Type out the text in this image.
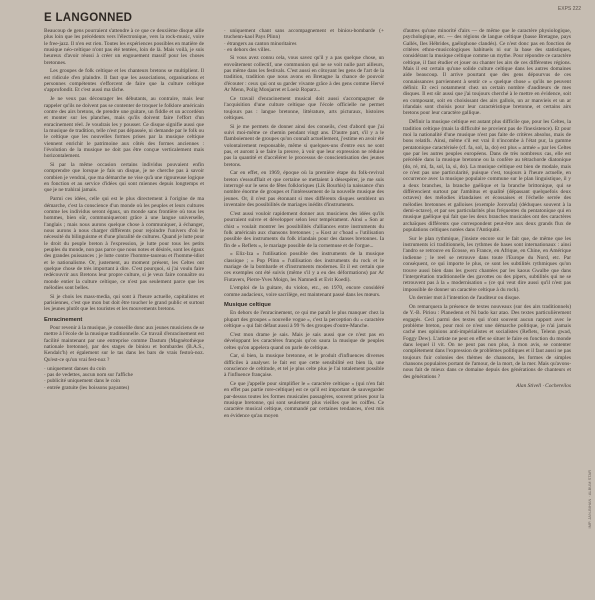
EXPS 222
E LANGONNED

Beaucoup de gens pourraient s'attendre à ce que ce deuxième disque aille plus loin que les précédents vers l'électronique, vers la rock-music, voire le free-jazz. Il n'en est rien. Toutes les expériences possibles en matière de musique néo-celtique n'ont pas été tentées, loin de là. Mais voilà, je suis heureux d'avoir réussi à créer un engouement massif pour les choses bretonnes.

Les groupes de folk celtique et les chanteurs bretons se multiplient. Il est ridicule d'en plaindre. Il faut que les associations, organisations et personnes compétentes s'efforcent de faire que la culture celtique s'approfondit. Et c'est aussi ma tâche.

Je ne veux pas décourager les débutants, au contraire, mais leur rappeler qu'ils ne doivent pas se contenter de troquer le folklore américain contre des airs bretons, de prendre une guitare, un fiddle et un accordéon et monter sur les planches, mais qu'ils doivent faire l'effort d'un enracinement réel. Je voudrais les y pousser. Ce disque signifie aussi que la musique de tradition, telle n'est pas dépassée, ni demande par le folk ou le celtique que les nouvelles formes prises par la musique celtique viennent enrichir le patrimoine aux côtés des formes anciennes : l'évolution de la musique ne doit pas être conçue verticalement mais horizontalement.

Si par la même occasion certains individus pouvaient enfin comprendre que lorsque je fais un disque, je ne cherche pas à savoir combien je vendrai, que ma démarche ne vise qu'à une rigoureuse logique en fonction et au service d'idées qui sont miennes depuis longtemps et que je ne trahirai jamais.

Parmi ces idées, celle qui est le plus directement à l'origine de ma démarche, c'est la conscience d'un monde où les peuples et leurs cultures comme les individus seront égaux, un monde sans frontière où tous les hommes, bien sûr, communiqueront grâce à une langue universelle, l'anglais ; mais nous aurons quelque chose à communiquer, à échanger, nous aurons à nous charger différents pour rejoindre l'univers d'où le nécessité du bilinguisme et d'une pluralité de cultures. Quand je lutte pour le droit du peuple breton à l'expression, je lutte pour tous les petits peuples du monde, non pas parce que nous notes et désirés, sont les égaux des grandes puissances ; je lutte contre l'homme-taureau et l'homme-idiot et le nationalisme. Or, justement, au moment présent, les Celtes ont quelque chose de très important à dire. C'est pourquoi, si j'ai voulu faire redécouvrir aux Bretons leur propre culture, si je veux faire connaître ou monde entier la culture celtique, ce n'est pas seulement parce que les mélodies sont belles.

Si je chois les mass-media, qui sont à l'heure actuelle, capitalistes et parisiennes, c'est que mon but doit être toucher le grand public et surtout les jeunes plutôt que les touristes et les mouvements bretons.

Enracinement

Pour revenir à la musique, je conseille donc aux jeunes musiciens de se mettre à l'école de la musique traditionnelle. Ce travail d'enracinement est facilité maintenant par une entreprise comme Dastum (Magnétothèque nationale bretonne), par des stages de biniou et bombardes (B.A.S., Kendalc'h) et également sur le tas dans les bars de vrais festoù-noz. Qu'est-ce qu'un vrai fest-noz ?

· uniquement danses du coin
· pas de vedettes, aucun nom sur l'affiche
· publicité uniquement dans le coin
· entrée gratuite (les boissons payantes)
· uniquement chant sans accompagnement et biniou-bombarde (+ truchenn-kaol Pays Plinn)
· étrangers au canton minoritaires
· en dehors des villes.

Si vous avez connu cela, vous savez qu'il y a pas quelque chose, un envoûtement collectif, une communion qui ne se voit nulle part ailleurs, pas même dans les festivals. C'est aussi en côtoyant les gens de l'art de la tradition, tradition que nous avons en Bretagne la chance de pouvoir d'écouter : ceux qui ont su garder vivante grâce à des gens comme Hervé Ar Menn, Polig Monjarret et Loeiz Roparz...

Ce travail d'enracinement musical doit aussi s'accompagner de l'acquisition d'une culture celtique que l'école officielle ne permet toujours pas : langue bretonne, littérature, arts picturaux, histoires celtiques.

Si je me permets de donner ainsi des conseils, c'est d'abord que j'ai suivi moi-même ce chemin pendant vingt ans. D'autre part, s'il y a le flamboiement de groupes qu'on connaît actuellement, j'estime en avoir été volontairement responsable, même si quelques-uns d'entre eux ne sont pas, et auront à se faire la preuve, à voir que leur expression ne réduise pas la quantité et d'accélérer le processus de conscientisation des jeunes bretons.

Car en effet, en 1969, époque où la première étape du folk-revival breton s'essoufflait et que certaine se mettaient à désespérer, je me suis interrogé sur le sens de fêtes folkloriques (Lik Bourhis) la naissance d'un nombre énorme de groupes et l'intéressement de la nouvelle musique des jeunes. Or, il n'est pas étonnant si mes différents disques semblent un inventaire des possibilités de mariages inédits d'instruments.

C'est aussi vouloir rapidement donner aux musiciens des idées qu'ils pourraient suivre et développer selon leur tempérament. Ainsi « Son ar chist » voulait montrer les possibilités d'alliances entre instruments du folk américain aux chansons bretonnes ; « Kost ar c'hoad » l'utilisation possible des instruments du folk irlandais pour des danses bretonnes. Ia fin de « Reflets », le mariage possible de la cornemuse et de l'orgue...

« Eliz-Iza » l'utilisation possible des instruments de la musique classique ; « Pop Plinn » l'utilisation des instruments du rock et le mariage de la bombarde et d'instruments modernes. Et il est certain que ces exemples ont été suivis (même s'il y a eu des déformations) par Ar Fiutavers, Pierre-Yves Moign, les Namnedi et Evit Koedi).

L'emploi de la guitare, du violon, etc., en 1970, encore considéré comme audacieux, voire sacrilège, est maintenant passé dans les mœurs.

Musique celtique

En dehors de l'enracinement, ce qui me paraît le plus manquer chez la plupart des groupes « nouvelle vogue », c'est la perception du « caractère celtique » qui fait défaut aussi à 99 % des groupes d'outre-Manche.

C'est mon drame je sais. Mais je sais aussi que ce n'est pas en développant les caractères français qu'on saura la musique de peuples celtes qu'on appelera quand on parle de celtique.

Car, si bien, la musique bretonne, et le produit d'influences diverses difficiles à analyser. le fait est que cette sensibilité est bien là, une conscience de celtitude, et tel je plus celte plus je l'ai totalement possible à l'influence française.

Ce que j'appelle pour simplifier le « caractère celtique » (qui n'en fait en effet pas partie rore-celtique) est ce qu'il est important de sauvegarder par-dessus toutes les formes musicales passagères, souvent prises pour la musique bretonne, qui sont seulement plus vieilles que les coiffes. Ce caractère musical celtique, commandé par certaines tendances, n'est mis en évidence qu'au moyen

d'autres qu'une minorité d'airs — de même que le caractère physiologique, psychologique, etc. — des régions de langue celtique (basse Bretagne, pays Gallés, Iles Hébrides, gaélophone clandés). Ce n'est donc pas en fonction de critères ethno-musicologiques habituels ni sur la base des statistiques, considérant la musique celtique comme un mythe. Pour répondre ce caractère celtique, il faut étudier et jouer ou chanter les airs de ces différentes régions. Mais il est certain qu'une solide culture celtique dans les autres domaines aide beaucoup. Il arrive pourtant que des gens dépourvus de ces connaissances parviennent à sentir ce « quelque chose » qu'ils ne peuvent définir. Et ceci notamment chez un certain nombre d'auditeurs de mes disques. Il est sûr aussi que j'ai toujours cherché à le mettre en évidence, soit en composant, soit en choisissant des airs gallois, un ar manvieis et un ar irlandais sont choisis pour leur caractéristique bretonne, et certains airs bretons pour leur caractère gallique.

Définir la musique celtique est autant plus difficile que, pour les Celtes, la tradition celtique (mais la difficulté ne provient pas de l'inexistence). Et pour moi la nationalité d'une musique n'est pas faite de critères absolus, mais de bons relatifs. Ainsi, même s'il est vrai il n'incombe à l'état pur, la gamme pentatonique caractérisée (cf. fa, sol, la, do) est plus « armée » par les Celtes que par les autres peuples européens. Dans de très nombreux cas, elle est précédée dans la musique bretonne ou la confère au tétrachorde diatonique (do, ré, mi, fa, sol, la, si, do). La musique celtique est bien de modale, mais ce n'est pas une particularité, puisque c'est, toujours à l'heure actuelle, en occurrence avec la musique populaire commune sur le plan linguistique, il y a deux branches, la branche gaélique et la branche brittonique, qui se différencient surtout par l'ambitus et qualité (dépassant quelquefois deux octaves) des mélodies irlandaises et écossaises et l'échelle serrée des mélodies bretonnes et galloises (exemple Jorovafa) (déduques souvent à la demi-octave), et par ses particularités plus fréquentes du pentatonique qui en musique gaélique qui fait que les deux branches musicales ont des caractères archaïques différents que correspondent peut-être aux deux grands flux de populations celtiques notées dans l'Antiquité.

Sur le plan rythmique, j'insiste encore sur le fait que, de même que les instruments ici traditionnels, les rythmes de bases sont internationaux : ainsi l'andro se retrouve en Écosse, en France, en Afrique, en Chine, en Amérique indienne ; le reel se retrouve dans toute l'Europe du Nord, etc. Par conséquent, ce qui importe le plus, ce sont les subtilités rythmiques qu'on trouve aussi bien dans les gwerz chantées par les kaous Gwalbe que dans l'interprétation traditionnelle des gavottes ou des pipers, subtilités qui ne se retrouvent pas à la « modernisation » (ce qui veut dire aussi qu'il n'est pas impossible de donner un caractère celtique à du rock).

Un dernier mot à l'intention de l'auditeur ou disque.

On remarquera la présence de textes nouveaux (sur des airs traditionnels) de Y.-B. Piriou : Planedenn et Ni bado kar atao. Des textes particulièrement engagés. Ceci parmi des textes qui n'ont souvent aucun rapport avec le problème breton, pour moi ce n'est une démarche politique, je n'ai jamais caché mes opinions anti-impérialistes et socialistes (Reflets, Telenn gwad, Foggy Dew). L'artiste ne peut en effet se situer le faire en fonction du monde dans lequel il vit. On ne peut pas non plus, à mon avis, se contenter complètement dans l'expression de problèmes politiques et il faut aussi ne pas toujours fuir colonies des thèmes de chansons, les formes de simples chansons populaires portant de l'amour, de la mort, de la mer. Mais qu'avons-nous fait de mieux dans ce domaine depuis des générations de chanteurs et des générations ?

Alan Stivell · Cochereilos
IMP. JAN-BIHAN · ALBUM STAR
